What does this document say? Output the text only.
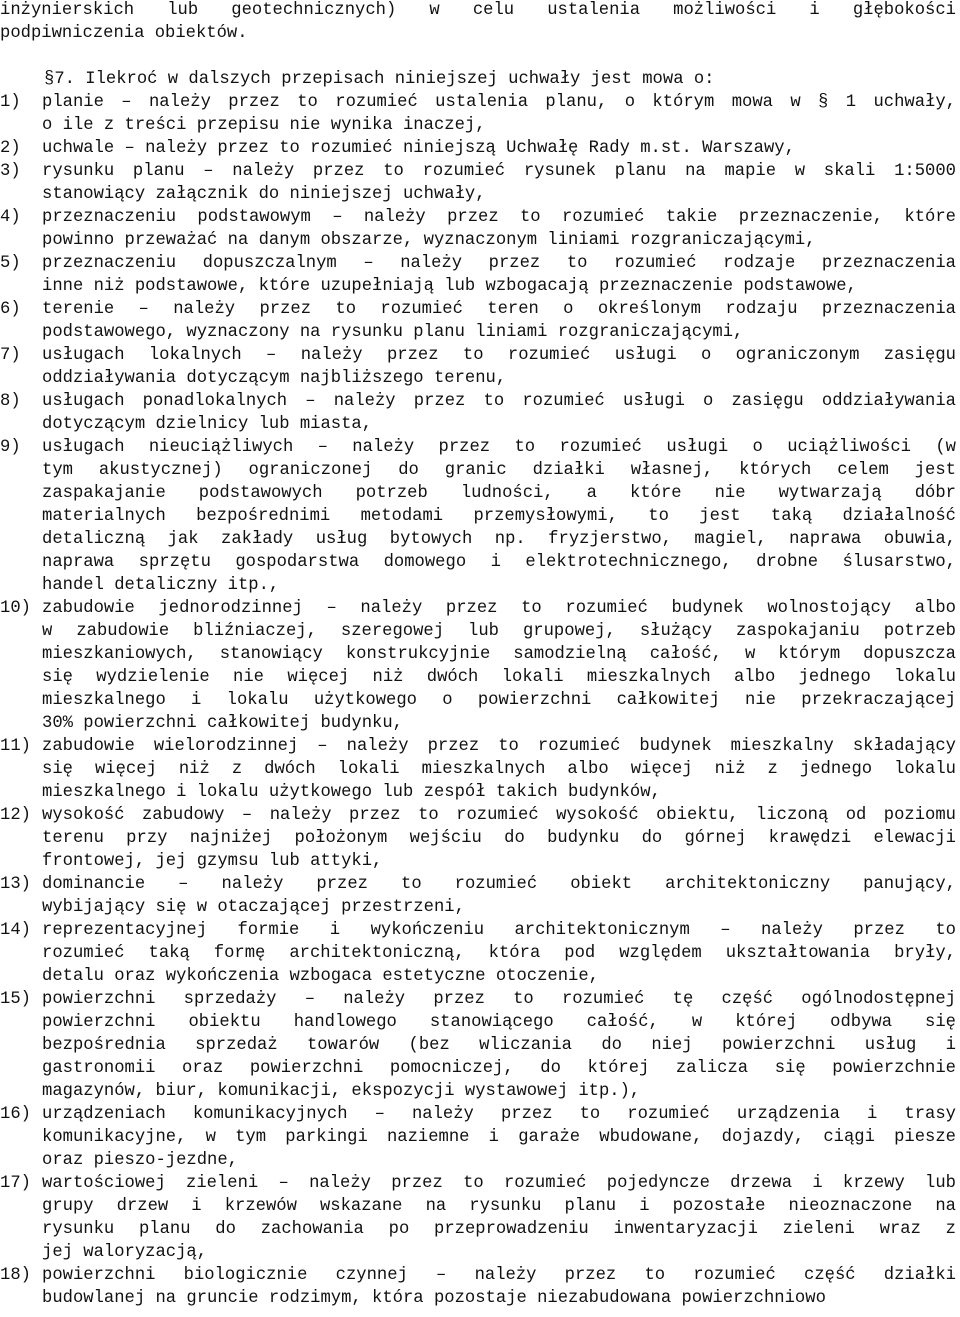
inżynierskich lub geotechnicznych) w celu ustalenia możliwości i głębokości
podpiwniczenia obiektów.
§7. Ilekroć w dalszych przepisach niniejszej uchwały jest mowa o:
1)	planie – należy przez to rozumieć ustalenia planu, o którym mowa w § 1 uchwały,
o ile z treści przepisu nie wynika inaczej,
2)	uchwale – należy przez to rozumieć niniejszą Uchwałę Rady m.st. Warszawy,
3)	rysunku planu – należy przez to rozumieć rysunek planu na mapie w skali 1:5000
stanowiący załącznik do niniejszej uchwały,
4)	przeznaczeniu podstawowym – należy przez to rozumieć takie przeznaczenie, które
powinno przeważać na danym obszarze, wyznaczonym liniami rozgraniczającymi,
5)	przeznaczeniu dopuszczalnym – należy przez to rozumieć rodzaje przeznaczenia
inne niż podstawowe, które uzupełniają lub wzbogacają przeznaczenie podstawowe,
6)	terenie – należy przez to rozumieć teren o określonym rodzaju przeznaczenia
podstawowego, wyznaczony na rysunku planu liniami rozgraniczającymi,
7)	usługach lokalnych – należy przez to rozumieć usługi o ograniczonym zasięgu
oddziaływania dotyczącym najbliższego terenu,
8)	usługach ponadlokalnych – należy przez to rozumieć usługi o zasięgu oddziaływania
dotyczącym dzielnicy lub miasta,
9)	usługach nieuciążliwych – należy przez to rozumieć usługi o uciążliwości (w
tym akustycznej) ograniczonej do granic działki własnej, których celem jest
zaspakajanie podstawowych potrzeb ludności, a które nie wytwarzają dóbr
materialnych bezpośrednimi metodami przemysłowymi, to jest taką działalność
detaliczną jak zakłady usług bytowych np. fryzjerstwo, magiel, naprawa obuwia,
naprawa sprzętu gospodarstwa domowego i elektrotechnicznego, drobne ślusarstwo,
handel detaliczny itp.,
10) zabudowie jednorodzinnej – należy przez to rozumieć budynek wolnostojący albo
w zabudowie bliźniaczej, szeregowej lub grupowej, służący zaspokajaniu potrzeb
mieszkaniowych, stanowiący konstrukcyjnie samodzielną całość, w którym dopuszcza
się wydzielenie nie więcej niż dwóch lokali mieszkalnych albo jednego lokalu
mieszkalnego i lokalu użytkowego o powierzchni całkowitej nie przekraczającej
30% powierzchni całkowitej budynku,
11) zabudowie wielorodzinnej – należy przez to rozumieć budynek mieszkalny składający
się więcej niż z dwóch lokali mieszkalnych albo więcej niż z jednego lokalu
mieszkalnego i lokalu użytkowego lub zespół takich budynków,
12) wysokość zabudowy – należy przez to rozumieć wysokość obiektu, liczoną od poziomu
terenu przy najniżej położonym wejściu do budynku do górnej krawędzi elewacji
frontowej, jej gzymsu lub attyki,
13) dominancie – należy przez to rozumieć obiekt architektoniczny panujący,
wybijający się w otaczającej przestrzeni,
14) reprezentacyjnej formie i wykończeniu architektonicznym – należy przez to
rozumieć taką formę architektoniczną, która pod względem ukształtowania bryły,
detalu oraz wykończenia wzbogaca estetyczne otoczenie,
15) powierzchni sprzedaży – należy przez to rozumieć tę część ogólnodostępnej
powierzchni obiektu handlowego stanowiącego całość, w której odbywa się
bezpośrednia sprzedaż towarów (bez wliczania do niej powierzchni usług i
gastronomii oraz powierzchni pomocniczej, do której zalicza się powierzchnie
magazynów, biur, komunikacji, ekspozycji wystawowej itp.),
16) urządzeniach komunikacyjnych – należy przez to rozumieć urządzenia i trasy
komunikacyjne, w tym parkingi naziemne i garaże wbudowane, dojazdy, ciągi piesze
oraz pieszo-jezdne,
17) wartościowej zieleni – należy przez to rozumieć pojedyncze drzewa i krzewy lub
grupy drzew i krzewów wskazane na rysunku planu i pozostałe nieoznaczone na
rysunku planu do zachowania po przeprowadzeniu inwentaryzacji zieleni wraz z
jej waloryzacją,
18) powierzchni biologicznie czynnej – należy przez to rozumieć część działki
budowlanej na gruncie rodzimym, która pozostaje niezabudowana powierzchniowo
